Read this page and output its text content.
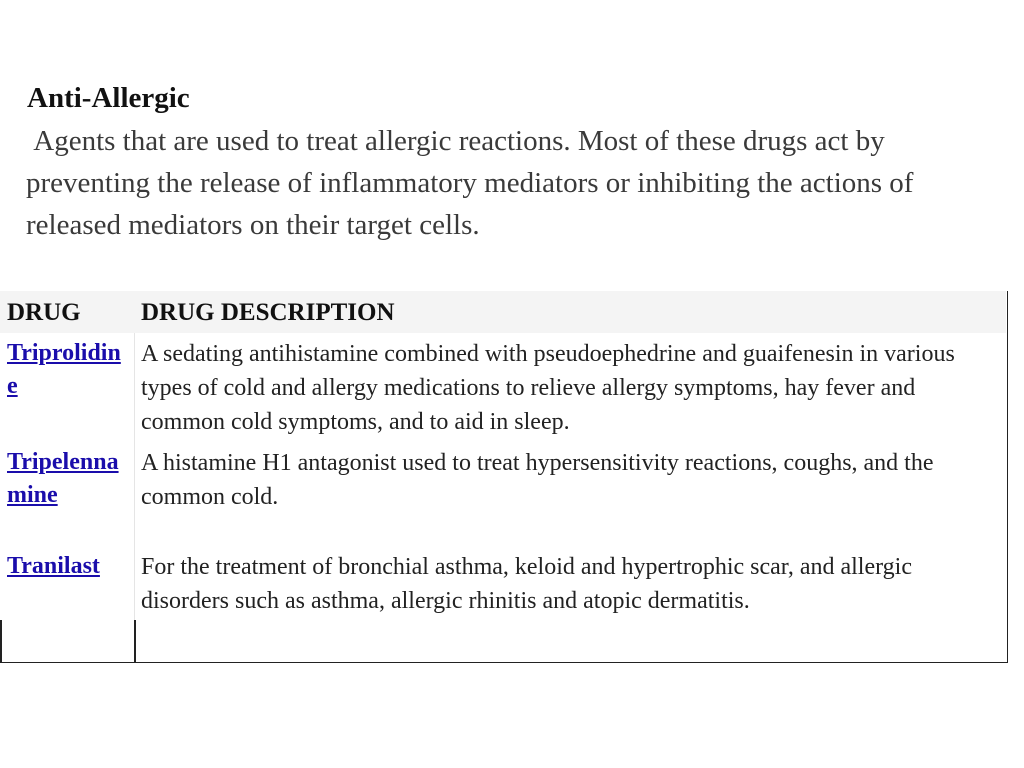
Anti-Allergic
Agents that are used to treat allergic reactions. Most of these drugs act by preventing the release of inflammatory mediators or inhibiting the actions of released mediators on their target cells.
DRUG DRUG DESCRIPTION
Triprolidine
A sedating antihistamine combined with pseudoephedrine and guaifenesin in various types of cold and allergy medications to relieve allergy symptoms, hay fever and common cold symptoms, and to aid in sleep.
Tripelennamine
A histamine H1 antagonist used to treat hypersensitivity reactions, coughs, and the common cold.
Tranilast	For the treatment of bronchial asthma, keloid and hypertrophic scar, and allergic disorders such as asthma, allergic rhinitis and atopic dermatitis.
